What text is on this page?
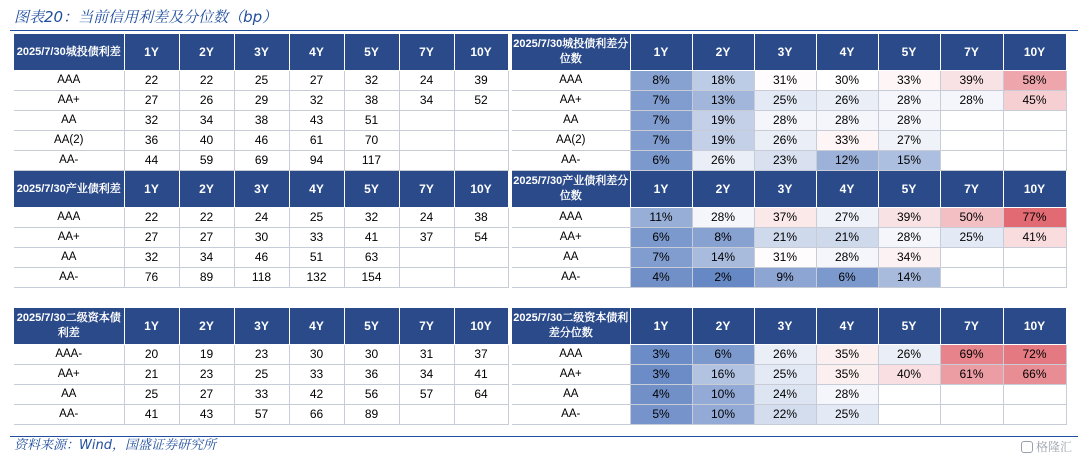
图表20：当前信用利差及分位数（bp）
2025/7/30城投债利差	1Y	2Y	3Y	4Y	5Y	7Y	10Y
AAA	22	22	25	27	32	24	39
AA+	27	26	29	32	38	34	52
AA	32	34	38	43	51		
AA(2)	36	40	46	61	70		
AA-	44	59	69	94	117		
2025/7/30城投债利差分位数	1Y	2Y	3Y	4Y	5Y	7Y	10Y
AAA	8%	18%	31%	30%	33%	39%	58%
AA+	7%	13%	25%	26%	28%	28%	45%
AA	7%	19%	28%	28%	28%		
AA(2)	7%	19%	26%	33%	27%		
AA-	6%	26%	23%	12%	15%		
2025/7/30产业债利差	1Y	2Y	3Y	4Y	5Y	7Y	10Y
AAA	22	22	24	25	32	24	38
AA+	27	27	30	33	41	37	54
AA	32	34	46	51	63		
AA-	76	89	118	132	154		
2025/7/30产业债利差分位数	1Y	2Y	3Y	4Y	5Y	7Y	10Y
AAA	11%	28%	37%	27%	39%	50%	77%
AA+	6%	8%	21%	21%	28%	25%	41%
AA	7%	14%	31%	28%	34%		
AA-	4%	2%	9%	6%	14%		
2025/7/30二级资本债利差	1Y	2Y	3Y	4Y	5Y	7Y	10Y
AAA-	20	19	23	30	30	31	37
AA+	21	23	25	33	36	34	41
AA	25	27	33	42	56	57	64
AA-	41	43	57	66	89		
2025/7/30二级资本债利差分位数	1Y	2Y	3Y	4Y	5Y	7Y	10Y
AAA	3%	6%	26%	35%	26%	69%	72%
AA+	3%	16%	25%	35%	40%	61%	66%
AA	4%	10%	24%	28%			
AA-	5%	10%	22%	25%			
资料来源：Wind，国盛证券研究所	格隆汇
